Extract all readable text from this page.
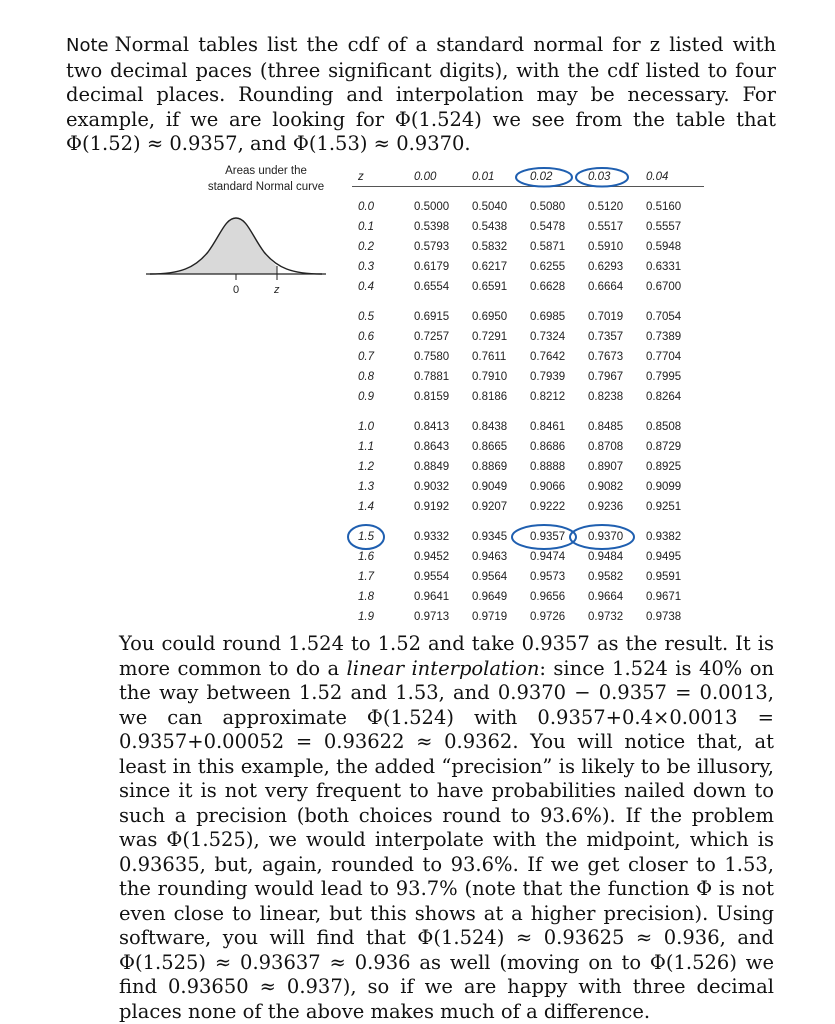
Note Normal tables list the cdf of a standard normal for z listed with two decimal paces (three significant digits), with the cdf listed to four decimal places. Rounding and interpolation may be necessary. For example, if we are looking for Φ(1.524) we see from the table that Φ(1.52) ≈ 0.9357, and Φ(1.53) ≈ 0.9370.
Areas under the
standard Normal curve
0	z
z	0.00	0.01	0.02	0.03	0.04

0.0	0.5000	0.5040	0.5080	0.5120	0.5160
0.1	0.5398	0.5438	0.5478	0.5517	0.5557
0.2	0.5793	0.5832	0.5871	0.5910	0.5948
0.3	0.6179	0.6217	0.6255	0.6293	0.6331
0.4	0.6554	0.6591	0.6628	0.6664	0.6700

0.5	0.6915	0.6950	0.6985	0.7019	0.7054
0.6	0.7257	0.7291	0.7324	0.7357	0.7389
0.7	0.7580	0.7611	0.7642	0.7673	0.7704
0.8	0.7881	0.7910	0.7939	0.7967	0.7995
0.9	0.8159	0.8186	0.8212	0.8238	0.8264

1.0	0.8413	0.8438	0.8461	0.8485	0.8508
1.1	0.8643	0.8665	0.8686	0.8708	0.8729
1.2	0.8849	0.8869	0.8888	0.8907	0.8925
1.3	0.9032	0.9049	0.9066	0.9082	0.9099
1.4	0.9192	0.9207	0.9222	0.9236	0.9251

1.5	0.9332	0.9345	0.9357	0.9370	0.9382
1.6	0.9452	0.9463	0.9474	0.9484	0.9495
1.7	0.9554	0.9564	0.9573	0.9582	0.9591
1.8	0.9641	0.9649	0.9656	0.9664	0.9671
1.9	0.9713	0.9719	0.9726	0.9732	0.9738

You could round 1.524 to 1.52 and take 0.9357 as the result. It is more common to do a linear interpolation: since 1.524 is 40% on the way between 1.52 and 1.53, and 0.9370 − 0.9357 = 0.0013, we can approximate Φ(1.524) with 0.9357+0.4×0.0013 = 0.9357+0.00052 = 0.93622 ≈ 0.9362. You will notice that, at least in this example, the added “precision” is likely to be illusory, since it is not very frequent to have probabilities nailed down to such a precision (both choices round to 93.6%). If the problem was Φ(1.525), we would interpolate with the midpoint, which is 0.93635, but, again, rounded to 93.6%. If we get closer to 1.53, the rounding would lead to 93.7% (note that the function Φ is not even close to linear, but this shows at a higher precision). Using software, you will find that Φ(1.524) ≈ 0.93625 ≈ 0.936, and Φ(1.525) ≈ 0.93637 ≈ 0.936 as well (moving on to Φ(1.526) we find 0.93650 ≈ 0.937), so if we are happy with three decimal places none of the above makes much of a difference.
